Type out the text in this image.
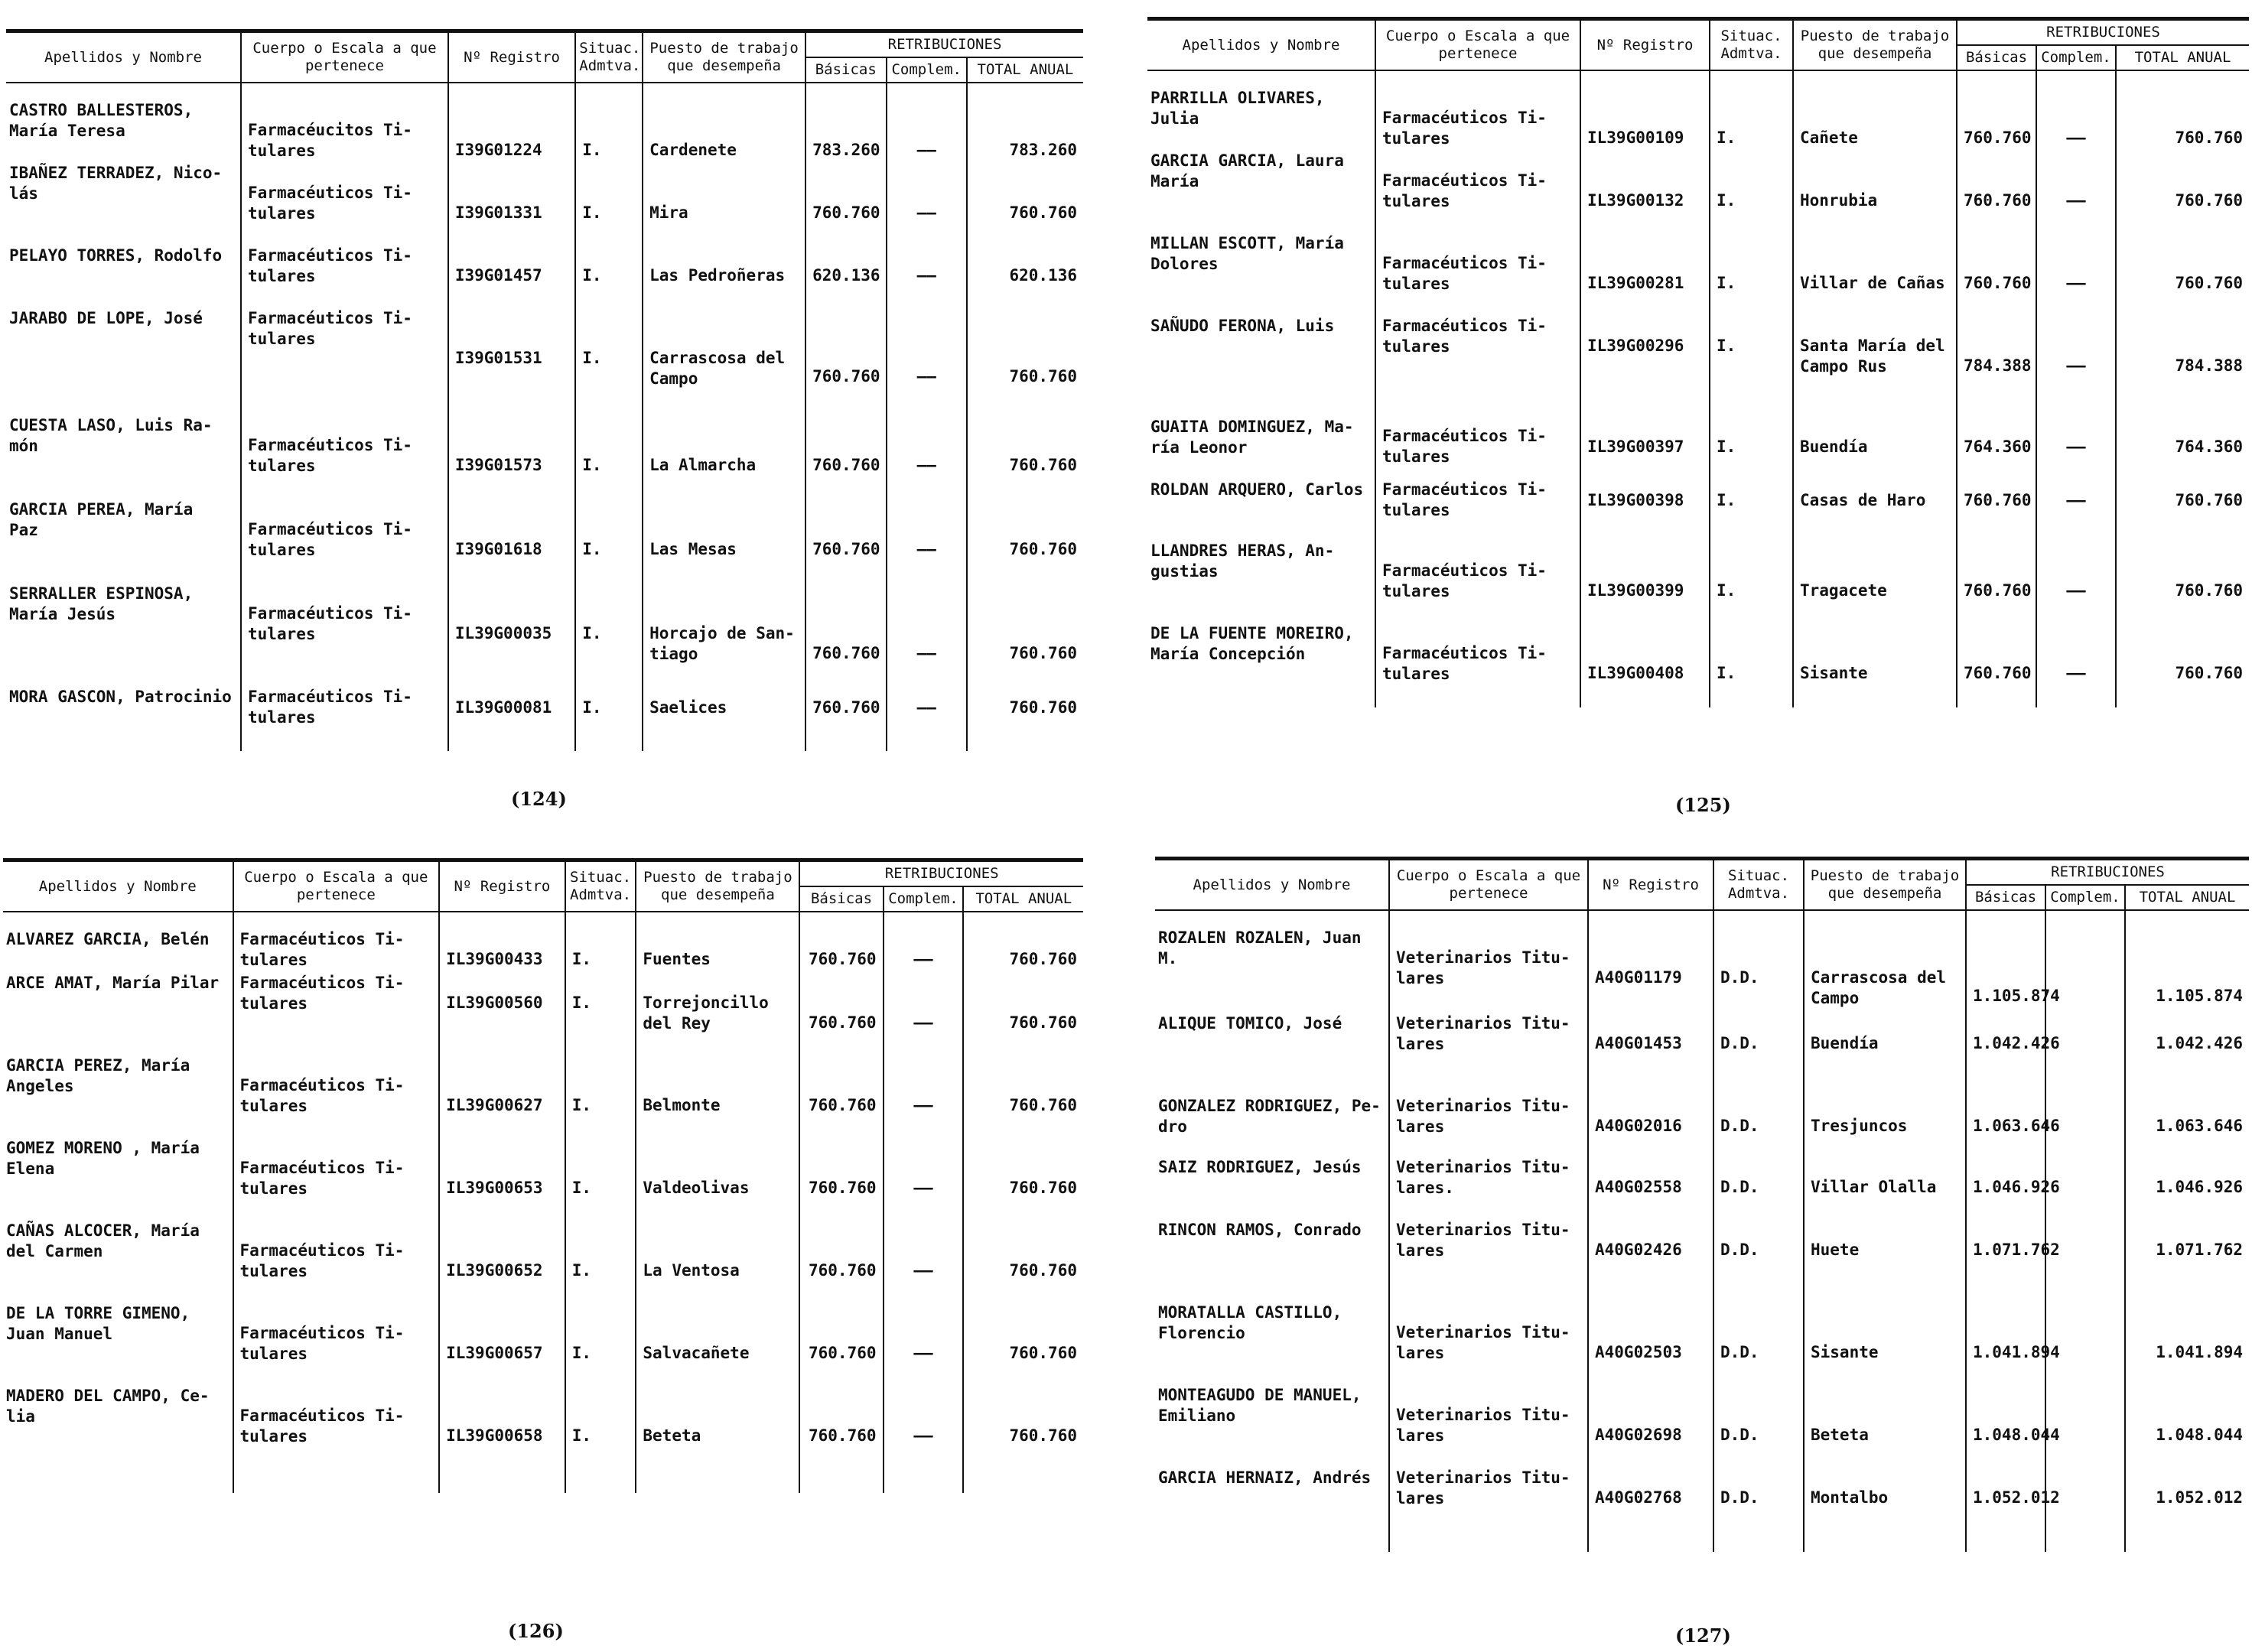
Apellidos y Nombre	Cuerpo o Escala a que pertenece	Nº Registro	Situac. Admtva.	Puesto de trabajo que desempeña	RETRIBUCIONES		
					Básicas	Complem.	TOTAL ANUAL
CASTRO BALLESTEROS,
María Teresa	Farmacéucitos Ti-
tulares	I39G01224	I.	Cardenete	783.260	——	783.260

IBAÑEZ TERRADEZ, Nico-
lás	Farmacéuticos Ti-
tulares	I39G01331	I.	Mira	760.760	——	760.760

PELAYO TORRES, Rodolfo	Farmacéuticos Ti-
tulares	I39G01457	I.	Las Pedroñeras	620.136	——	620.136

JARABO DE LOPE, José	Farmacéuticos Ti-
tulares	I39G01531	I.	Carrascosa del
Campo	760.760	——	760.760

CUESTA LASO, Luis Ra-
món	Farmacéuticos Ti-
tulares	I39G01573	I.	La Almarcha	760.760	——	760.760

GARCIA PEREA, María
Paz	Farmacéuticos Ti-
tulares	I39G01618	I.	Las Mesas	760.760	——	760.760

SERRALLER ESPINOSA,
María Jesús	Farmacéuticos Ti-
tulares	IL39G00035	I.	Horcajo de San-
tiago	760.760	——	760.760

MORA GASCON, Patrocinio	Farmacéuticos Ti-
tulares	IL39G00081	I.	Saelices	760.760	——	760.760
(124)
Apellidos y Nombre	Cuerpo o Escala a que pertenece	Nº Registro	Situac. Admtva.	Puesto de trabajo que desempeña	RETRIBUCIONES		
					Básicas	Complem.	TOTAL ANUAL
PARRILLA OLIVARES,
Julia	Farmacéuticos Ti-
tulares	IL39G00109	I.	Cañete	760.760	——	760.760

GARCIA GARCIA, Laura
María	Farmacéuticos Ti-
tulares	IL39G00132	I.	Honrubia	760.760	——	760.760

MILLAN ESCOTT, María
Dolores	Farmacéuticos Ti-
tulares	IL39G00281	I.	Villar de Cañas	760.760	——	760.760

SAÑUDO FERONA, Luis	Farmacéuticos Ti-
tulares	IL39G00296	I.	Santa María del
Campo Rus	784.388	——	784.388

GUAITA DOMINGUEZ, Ma-
ría Leonor	Farmacéuticos Ti-
tulares	IL39G00397	I.	Buendía	764.360	——	764.360

ROLDAN ARQUERO, Carlos	Farmacéuticos Ti-
tulares	IL39G00398	I.	Casas de Haro	760.760	——	760.760

LLANDRES HERAS, An-
gustias	Farmacéuticos Ti-
tulares	IL39G00399	I.	Tragacete	760.760	——	760.760

DE LA FUENTE MOREIRO,
María Concepción	Farmacéuticos Ti-
tulares	IL39G00408	I.	Sisante	760.760	——	760.760
(125)
Apellidos y Nombre	Cuerpo o Escala a que pertenece	Nº Registro	Situac. Admtva.	Puesto de trabajo que desempeña	RETRIBUCIONES		
					Básicas	Complem.	TOTAL ANUAL
ALVAREZ GARCIA, Belén	Farmacéuticos Ti-
tulares	IL39G00433	I.	Fuentes	760.760	——	760.760

ARCE AMAT, María Pilar	Farmacéuticos Ti-
tulares	IL39G00560	I.	Torrejoncillo
del Rey	760.760	——	760.760

GARCIA PEREZ, María
Angeles	Farmacéuticos Ti-
tulares	IL39G00627	I.	Belmonte	760.760	——	760.760

GOMEZ MORENO , María
Elena	Farmacéuticos Ti-
tulares	IL39G00653	I.	Valdeolivas	760.760	——	760.760

CAÑAS ALCOCER, María
del Carmen	Farmacéuticos Ti-
tulares	IL39G00652	I.	La Ventosa	760.760	——	760.760

DE LA TORRE GIMENO,
Juan Manuel	Farmacéuticos Ti-
tulares	IL39G00657	I.	Salvacañete	760.760	——	760.760

MADERO DEL CAMPO, Ce-
lia	Farmacéuticos Ti-
tulares	IL39G00658	I.	Beteta	760.760	——	760.760
(126)
Apellidos y Nombre	Cuerpo o Escala a que pertenece	Nº Registro	Situac. Admtva.	Puesto de trabajo que desempeña	RETRIBUCIONES		
					Básicas	Complem.	TOTAL ANUAL
ROZALEN ROZALEN, Juan
M.	Veterinarios Titu-
lares	A40G01179	D.D.	Carrascosa del
Campo	1.105.874		1.105.874

ALIQUE TOMICO, José	Veterinarios Titu-
lares	A40G01453	D.D.	Buendía	1.042.426		1.042.426

GONZALEZ RODRIGUEZ, Pe-
dro	Veterinarios Titu-
lares	A40G02016	D.D.	Tresjuncos	1.063.646		1.063.646

SAIZ RODRIGUEZ, Jesús	Veterinarios Titu-
lares.	A40G02558	D.D.	Villar Olalla	1.046.926		1.046.926

RINCON RAMOS, Conrado	Veterinarios Titu-
lares	A40G02426	D.D.	Huete	1.071.762		1.071.762

MORATALLA CASTILLO,
Florencio	Veterinarios Titu-
lares	A40G02503	D.D.	Sisante	1.041.894		1.041.894

MONTEAGUDO DE MANUEL,
Emiliano	Veterinarios Titu-
lares	A40G02698	D.D.	Beteta	1.048.044		1.048.044

GARCIA HERNAIZ, Andrés	Veterinarios Titu-
lares	A40G02768	D.D.	Montalbo	1.052.012		1.052.012
(127)
